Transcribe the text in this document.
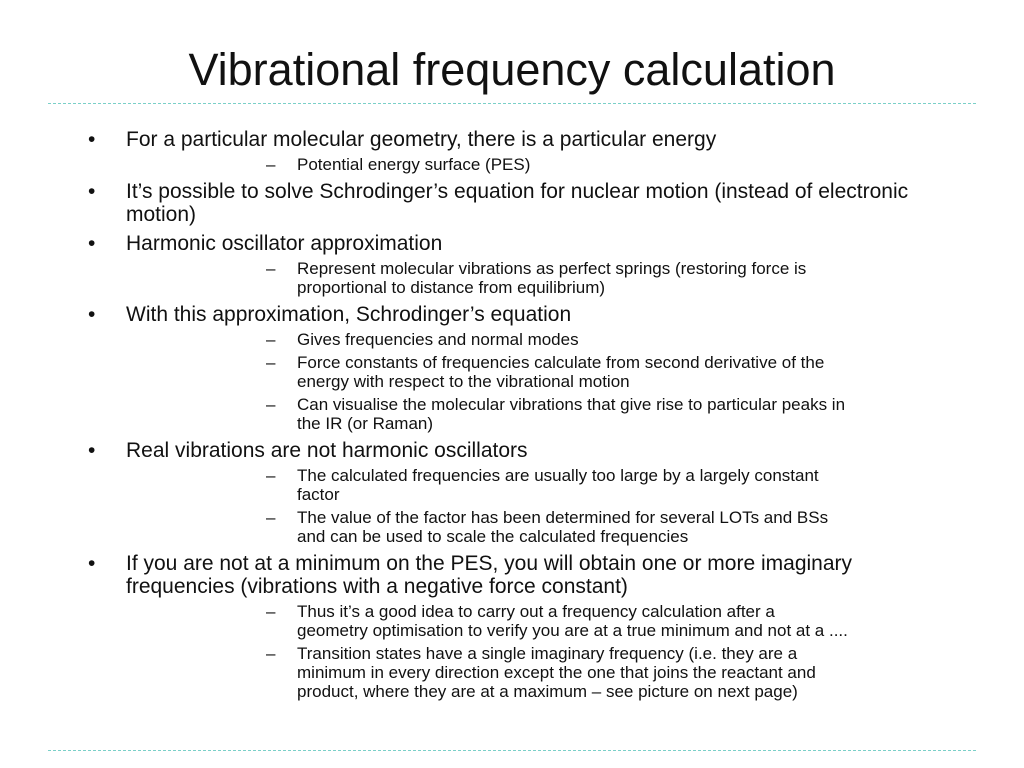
Vibrational frequency calculation
• For a particular molecular geometry, there is a particular energy
– Potential energy surface (PES)
• It’s possible to solve Schrodinger’s equation for nuclear motion (instead of electronic motion)
• Harmonic oscillator approximation
– Represent molecular vibrations as perfect springs (restoring force is proportional to distance from equilibrium)
• With this approximation, Schrodinger’s equation
– Gives frequencies and normal modes
– Force constants of frequencies calculate from second derivative of the energy with respect to the vibrational motion
– Can visualise the molecular vibrations that give rise to particular peaks in the IR (or Raman)
• Real vibrations are not harmonic oscillators
– The calculated frequencies are usually too large by a largely constant factor
– The value of the factor has been determined for several LOTs and BSs and can be used to scale the calculated frequencies
• If you are not at a minimum on the PES, you will obtain one or more imaginary frequencies (vibrations with a negative force constant)
– Thus it’s a good idea to carry out a frequency calculation after a geometry optimisation to verify you are at a true minimum and not at a ....
– Transition states have a single imaginary frequency (i.e. they are a minimum in every direction except the one that joins the reactant and product, where they are at a maximum – see picture on next page)
